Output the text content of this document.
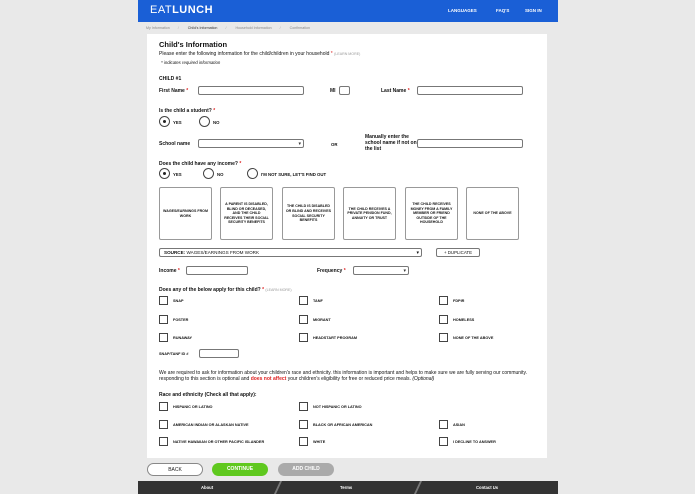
EATLUNCH	LANGUAGES	FAQ'S	SIGN IN
My Information /	Child's Information /	Household Information /	Confirmation
Child's Information
Please enter the following information for the child/children in your household * (LEARN MORE)
* indicates required information
CHILD #1
First Name *	MI	Last Name *
Is the child a student? *
YES	NO
School name	▾	OR
Manually enter the school name if not on the list
Does the child have any income? *
YES	NO	I'M NOT SURE, LET'S FIND OUT
WAGES/EARNINGS FROM WORK
A PARENT IS DISABLED, BLIND OR DECEASED, AND THE CHILD RECEIVES THEIR SOCIAL SECURITY BENEFITS
THE CHILD IS DISABLED OR BLIND AND RECEIVES SOCIAL SECURITY BENEFITS
THE CHILD RECEIVES A PRIVATE PENSION FUND, ANNUITY OR TRUST
THE CHILD RECEIVES MONEY FROM A FAMILY MEMBER OR FRIEND OUTSIDE OF THE HOUSEHOLD
NONE OF THE ABOVE
SOURCE: WAGES/EARNINGS FROM WORK	▾	+ DUPLICATE
Income *	Frequency *	▾
Does any of the below apply for this child? * (LEARN MORE)
SNAP	TANF	FDPIR
FOSTER	MIGRANT	HOMELESS
RUNAWAY	HEADSTART PROGRAM	NONE OF THE ABOVE
SNAP/TANF ID #
We are required to ask for information about your children's race and ethnicity. this information is important and helps to make sure we are fully serving our community. responding to this section is optional and does not affect your children's eligibility for free or reduced price meals. (Optional)
Race and ethnicity (Check all that apply):
HISPANIC OR LATINO	NOT HISPANIC OR LATINO
AMERICAN INDIAN OR ALASKAN NATIVE	BLACK OR AFRICAN AMERICAN	ASIAN
NATIVE HAWAIIAN OR OTHER PACIFIC ISLANDER	WHITE	I DECLINE TO ANSWER
BACK	CONTINUE	ADD CHILD
About	Terms	Contact Us
